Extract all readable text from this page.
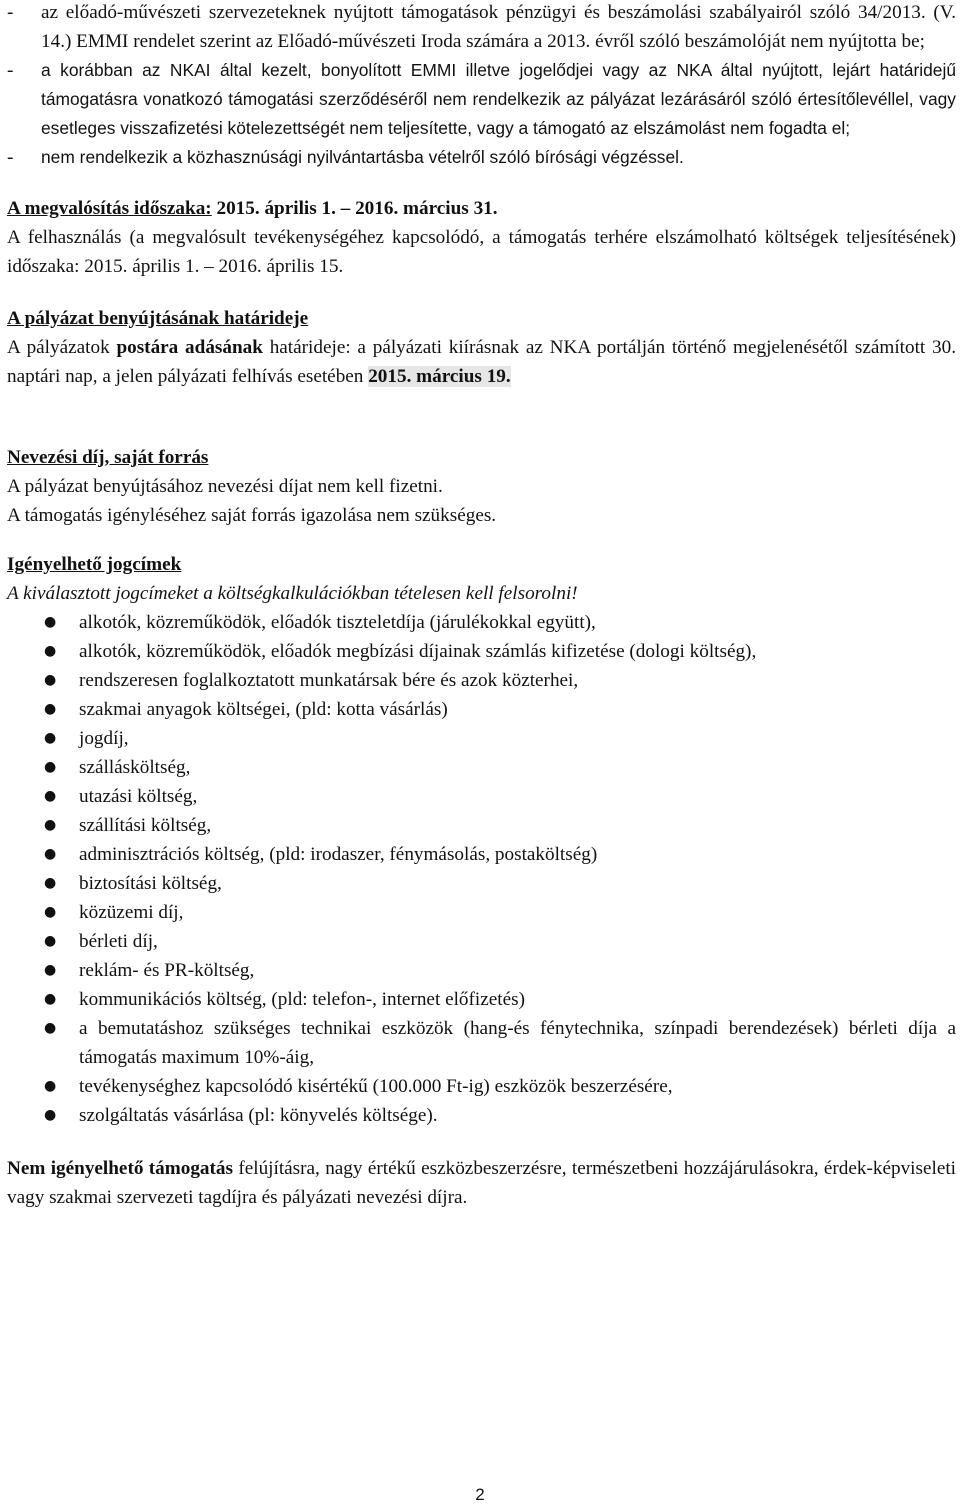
-	az előadó-művészeti szervezeteknek nyújtott támogatások pénzügyi és beszámolási szabályairól szóló 34/2013. (V. 14.) EMMI rendelet szerint az Előadó-művészeti Iroda számára a 2013. évről szóló beszámolóját nem nyújtotta be;
-	a korábban az NKAI által kezelt, bonyolított EMMI illetve jogelődjei vagy az NKA által nyújtott, lejárt határidejű támogatásra vonatkozó támogatási szerződéséről nem rendelkezik az pályázat lezárásáról szóló értesítőlevéllel, vagy esetleges visszafizetési kötelezettségét nem teljesítette, vagy a támogató az elszámolást nem fogadta el;
-	nem rendelkezik a közhasznúsági nyilvántartásba vételről szóló bírósági végzéssel.

A megvalósítás időszaka: 2015. április 1. – 2016. március 31.

A felhasználás (a megvalósult tevékenységéhez kapcsolódó, a támogatás terhére elszámolható költségek teljesítésének) időszaka: 2015. április 1. – 2016. április 15.

A pályázat benyújtásának határideje

A pályázatok postára adásának határideje: a pályázati kiírásnak az NKA portálján történő megjelenésétől számított 30. naptári nap, a jelen pályázati felhívás esetében 2015. március 19.

Nevezési díj, saját forrás

A pályázat benyújtásához nevezési díjat nem kell fizetni.

A támogatás igényléséhez saját forrás igazolása nem szükséges.

Igényelhető jogcímek

A kiválasztott jogcímeket a költségkalkulációkban tételesen kell felsorolni!

●	alkotók, közreműködök, előadók tiszteletdíja (járulékokkal együtt),
●	alkotók, közreműködök, előadók megbízási díjainak számlás kifizetése (dologi költség),
●	rendszeresen foglalkoztatott munkatársak bére és azok közterhei,
●	szakmai anyagok költségei, (pld: kotta vásárlás)
●	jogdíj,
●	szállásköltség,
●	utazási költség,
●	szállítási költség,
●	adminisztrációs költség, (pld: irodaszer, fénymásolás, postaköltség)
●	biztosítási költség,
●	közüzemi díj,
●	bérleti díj,
●	reklám- és PR-költség,
●	kommunikációs költség, (pld: telefon-, internet előfizetés)
●	a bemutatáshoz szükséges technikai eszközök (hang-és fénytechnika, színpadi berendezések) bérleti díja a támogatás maximum 10%-áig,
●	tevékenységhez kapcsolódó kisértékű (100.000 Ft-ig) eszközök beszerzésére,
●	szolgáltatás vásárlása (pl: könyvelés költsége).

Nem igényelhető támogatás felújításra, nagy értékű eszközbeszerzésre, természetbeni hozzájárulásokra, érdek-képviseleti vagy szakmai szervezeti tagdíjra és pályázati nevezési díjra.

2
